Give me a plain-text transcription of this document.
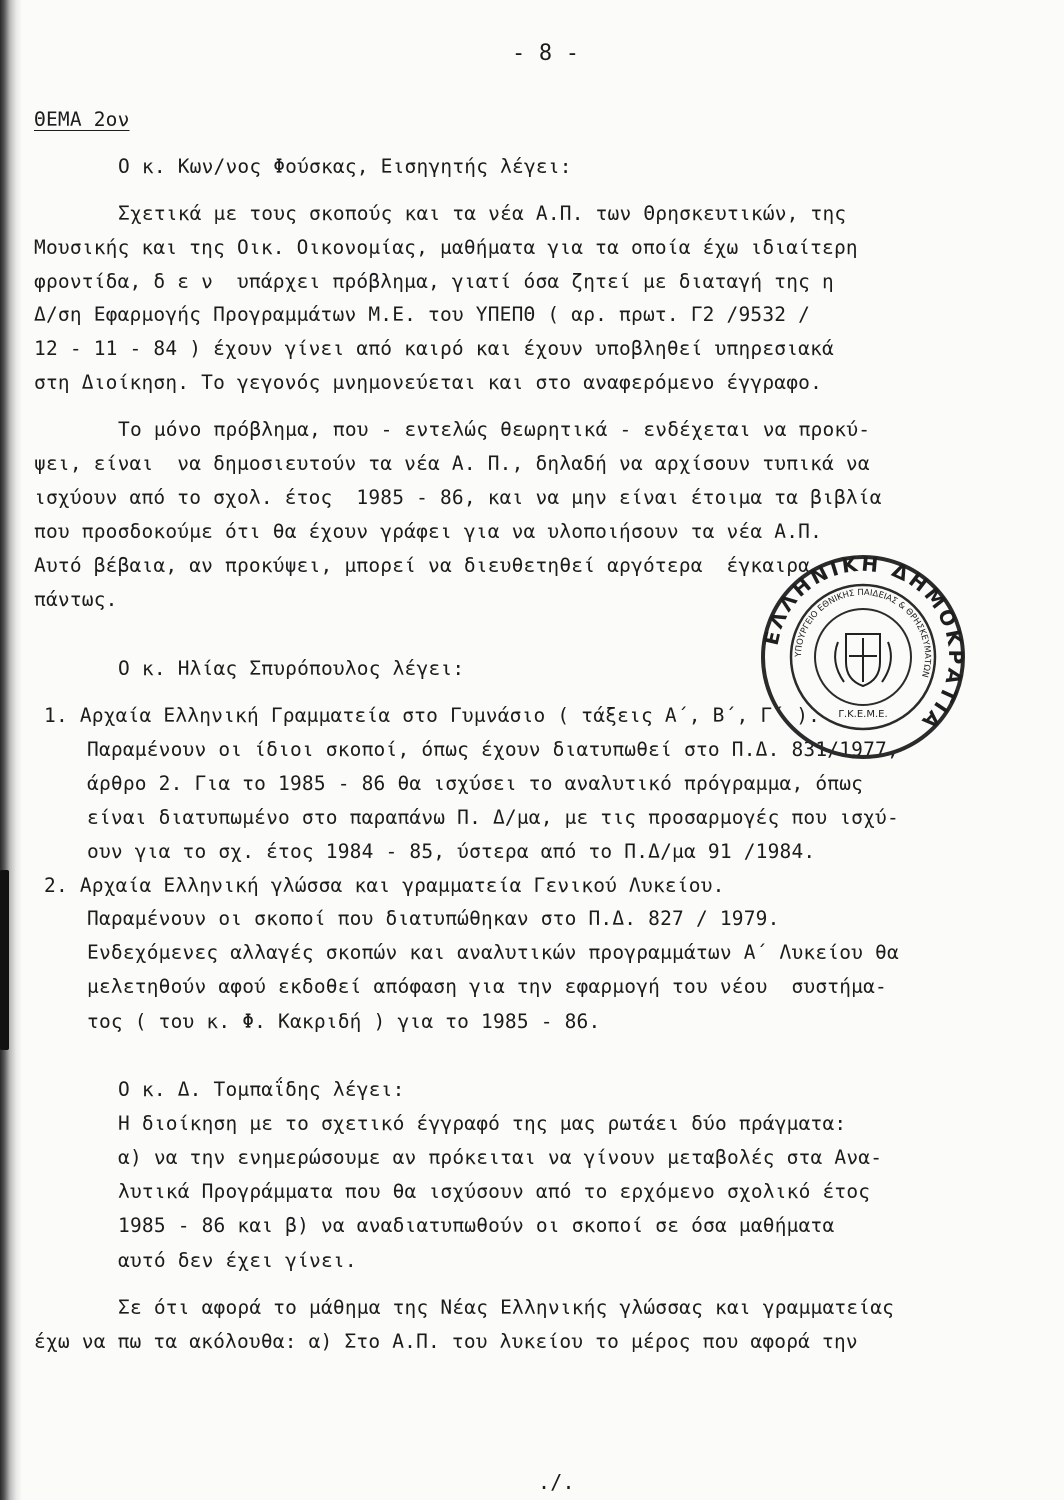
- 8 -
ΘΕΜΑ 2ον
Ο κ. Κων/νος Φούσκας, Εισηγητής λέγει:
Σχετικά με τους σκοπούς και τα νέα Α.Π. των Θρησκευτικών, της
Μουσικής και της Οικ. Οικονομίας, μαθήματα για τα οποία έχω ιδιαίτερη
φροντίδα, δ ε ν  υπάρχει πρόβλημα, γιατί όσα ζητεί με διαταγή της η
Δ/ση Εφαρμογής Προγραμμάτων Μ.Ε. του ΥΠΕΠΘ ( αρ. πρωτ. Γ2 /9532 /
12 - 11 - 84 ) έχουν γίνει από καιρό και έχουν υποβληθεί υπηρεσιακά
στη Διοίκηση. Το γεγονός μνημονεύεται και στο αναφερόμενο έγγραφο.
Το μόνο πρόβλημα, που - εντελώς θεωρητικά - ενδέχεται να προκύ-
ψει, είναι  να δημοσιευτούν τα νέα Α. Π., δηλαδή να αρχίσουν τυπικά να
ισχύουν από το σχολ. έτος  1985 - 86, και να μην είναι έτοιμα τα βιβλία
που προσδοκούμε ότι θα έχουν γράφει για να υλοποιήσουν τα νέα Α.Π.
Αυτό βέβαια, αν προκύψει, μπορεί να διευθετηθεί αργότερα  έγκαιρα
πάντως.
Ο κ. Ηλίας Σπυρόπουλος λέγει:
1. Αρχαία Ελληνική Γραμματεία στο Γυμνάσιο ( τάξεις Α΄, Β΄, Γ΄ ).
Παραμένουν οι ίδιοι σκοποί, όπως έχουν διατυπωθεί στο Π.Δ. 831/1977,
άρθρο 2. Για το 1985 - 86 θα ισχύσει το αναλυτικό πρόγραμμα, όπως
είναι διατυπωμένο στο παραπάνω Π. Δ/μα, με τις προσαρμογές που ισχύ-
ουν για το σχ. έτος 1984 - 85, ύστερα από το Π.Δ/μα 91 /1984.
2. Αρχαία Ελληνική γλώσσα και γραμματεία Γενικού Λυκείου.
Παραμένουν οι σκοποί που διατυπώθηκαν στο Π.Δ. 827 / 1979.
Ενδεχόμενες αλλαγές σκοπών και αναλυτικών προγραμμάτων Α΄ Λυκείου θα
μελετηθούν αφού εκδοθεί απόφαση για την εφαρμογή του νέου  συστήμα-
τος ( του κ. Φ. Κακριδή ) για το 1985 - 86.
Ο κ. Δ. Τομπαΐδης λέγει:
Η διοίκηση με το σχετικό έγγραφό της μας ρωτάει δύο πράγματα:
α) να την ενημερώσουμε αν πρόκειται να γίνουν μεταβολές στα Ανα-
λυτικά Προγράμματα που θα ισχύσουν από το ερχόμενο σχολικό έτος
1985 - 86 και β) να αναδιατυπωθούν οι σκοποί σε όσα μαθήματα
αυτό δεν έχει γίνει.
Σε ότι αφορά το μάθημα της Νέας Ελληνικής γλώσσας και γραμματείας
έχω να πω τα ακόλουθα: α) Στο Α.Π. του λυκείου το μέρος που αφορά την
./.
ΕΛΛΗΝΙΚΗ ΔΗΜΟΚΡΑΤΙΑ
ΥΠΟΥΡΓΕΙΟ ΕΘΝΙΚΗΣ ΠΑΙΔΕΙΑΣ & ΘΡΗΣΚΕΥΜΑΤΩΝ
Γ.Κ.Ε.Μ.Ε.
